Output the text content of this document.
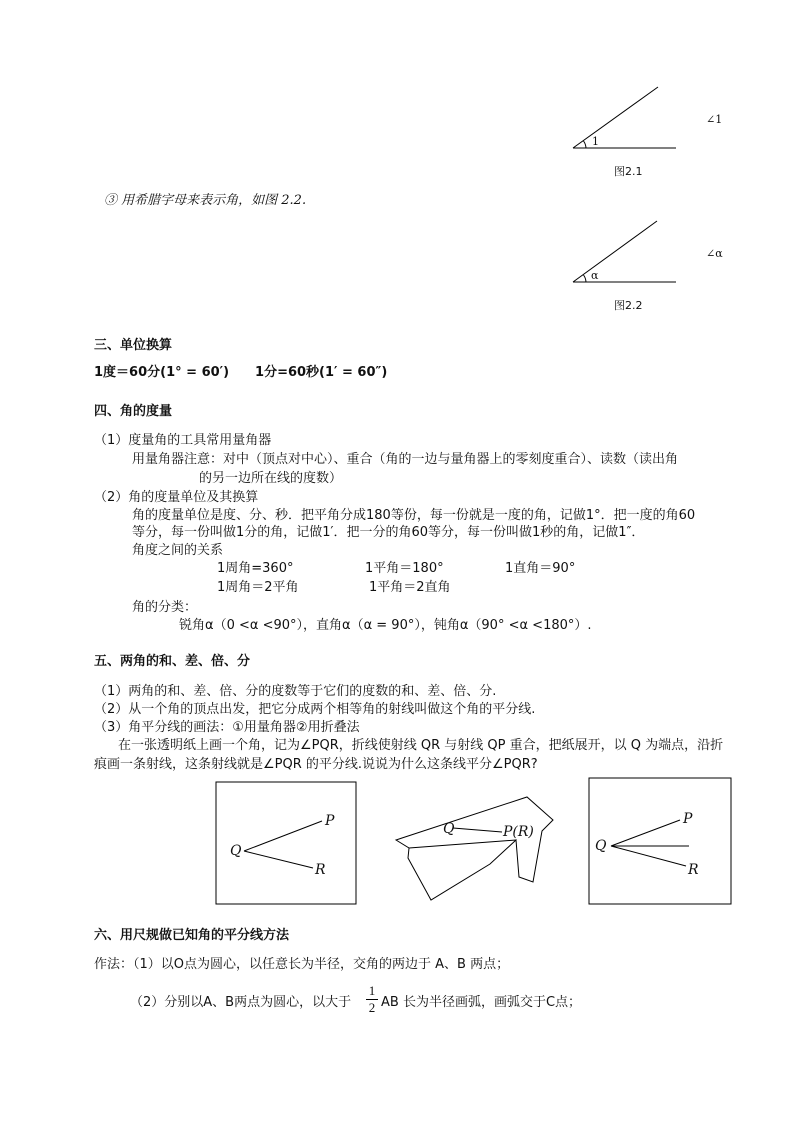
1
∠1
图2.1
③ 用希腊字母来表示角，如图 2.2.
α
∠α
图2.2
三、单位换算
1度＝60分(1° = 60′)　　1分=60秒(1′ = 60″)
四、角的度量
（1）度量角的工具常用量角器
用量角器注意：对中（顶点对中心）、重合（角的一边与量角器上的零刻度重合）、读数（读出角
的另一边所在线的度数）
（2）角的度量单位及其换算
角的度量单位是度、分、秒．把平角分成180等份，每一份就是一度的角，记做1°．把一度的角60
等分，每一份叫做1分的角，记做1′．把一分的角60等分，每一份叫做1秒的角，记做1″．
角度之间的关系
1周角=360°	1平角＝180°	1直角＝90°
1周角＝2平角	1平角＝2直角
角的分类：
锐角α（0 <α <90°），直角α（α = 90°），钝角α（90° <α <180°）.
五、两角的和、差、倍、分
（1）两角的和、差、倍、分的度数等于它们的度数的和、差、倍、分.
（2）从一个角的顶点出发，把它分成两个相等角的射线叫做这个角的平分线.
（3）角平分线的画法：①用量角器②用折叠法
在一张透明纸上画一个角，记为∠PQR，折线使射线 QR 与射线 QP 重合，把纸展开，以 Q 为端点，沿折
痕画一条射线，这条射线就是∠PQR 的平分线.说说为什么这条线平分∠PQR?
Q
P
R
Q	P(R)
Q
P
R
六、用尺规做已知角的平分线方法
作法：（1）以O点为圆心，以任意长为半径，交角的两边于 A、B 两点；
（2）分别以A、B两点为圆心，以大于
1
2 AB 长为半径画弧，画弧交于C点；
